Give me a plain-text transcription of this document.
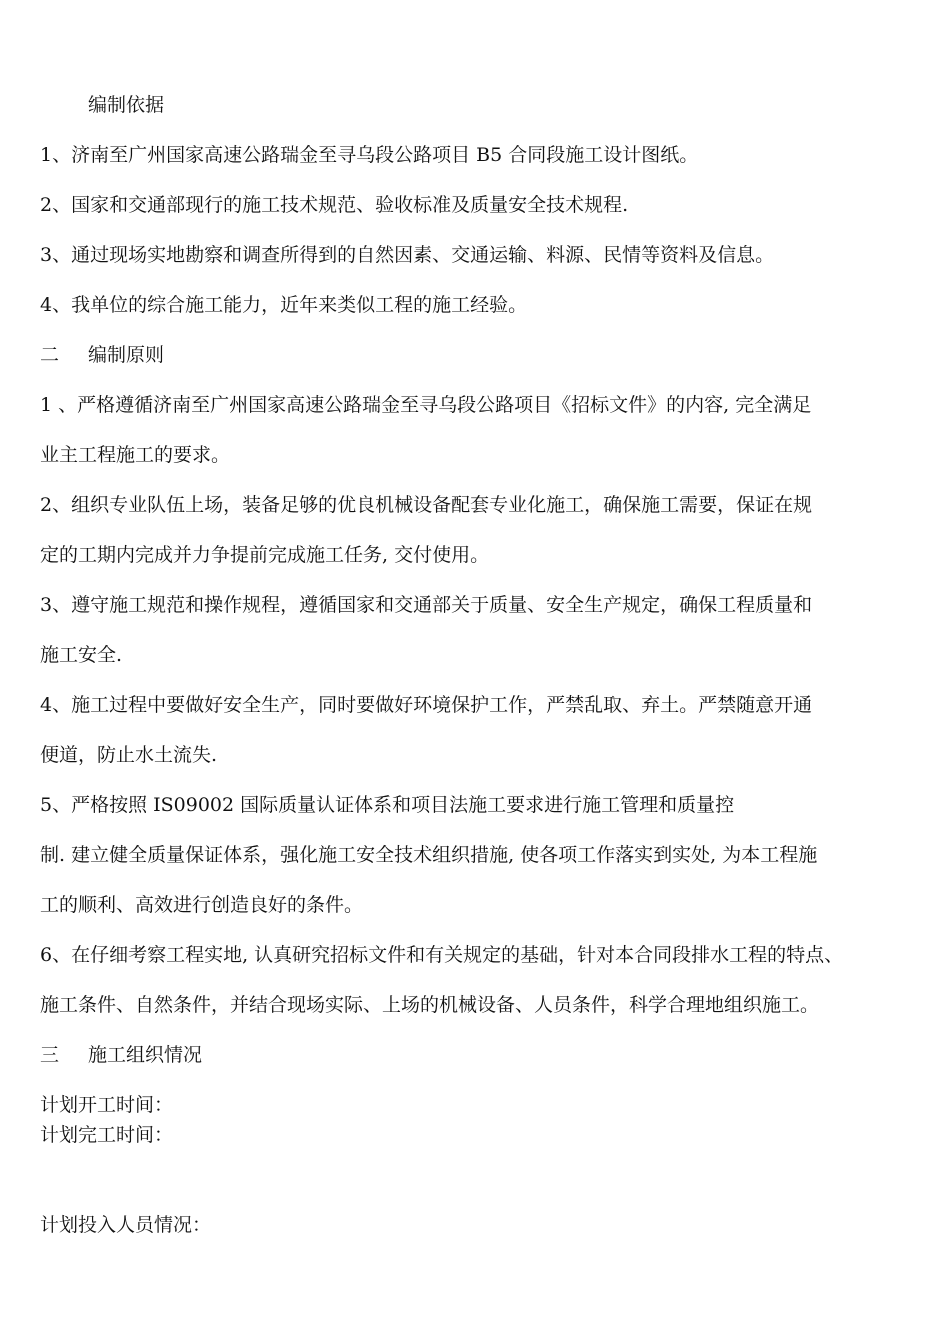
编制依据
1、济南至广州国家高速公路瑞金至寻乌段公路项目 B5 合同段施工设计图纸。
2、国家和交通部现行的施工技术规范、验收标准及质量安全技术规程.
3、通过现场实地勘察和调查所得到的自然因素、交通运输、料源、民情等资料及信息。
4、我单位的综合施工能力，近年来类似工程的施工经验。
二 编制原则
1 、严格遵循济南至广州国家高速公路瑞金至寻乌段公路项目《招标文件》的内容, 完全满足
业主工程施工的要求。
2、组织专业队伍上场，装备足够的优良机械设备配套专业化施工，确保施工需要，保证在规
定的工期内完成并力争提前完成施工任务, 交付使用。
3、遵守施工规范和操作规程，遵循国家和交通部关于质量、安全生产规定，确保工程质量和
施工安全.
4、施工过程中要做好安全生产，同时要做好环境保护工作，严禁乱取、弃土。严禁随意开通
便道，防止水土流失.
5、严格按照 IS09002 国际质量认证体系和项目法施工要求进行施工管理和质量控
制. 建立健全质量保证体系，强化施工安全技术组织措施, 使各项工作落实到实处, 为本工程施
工的顺利、高效进行创造良好的条件。
6、在仔细考察工程实地, 认真研究招标文件和有关规定的基础，针对本合同段排水工程的特点、
施工条件、自然条件，并结合现场实际、上场的机械设备、人员条件，科学合理地组织施工。
三 施工组织情况
计划开工时间：
计划完工时间：
计划投入人员情况：
